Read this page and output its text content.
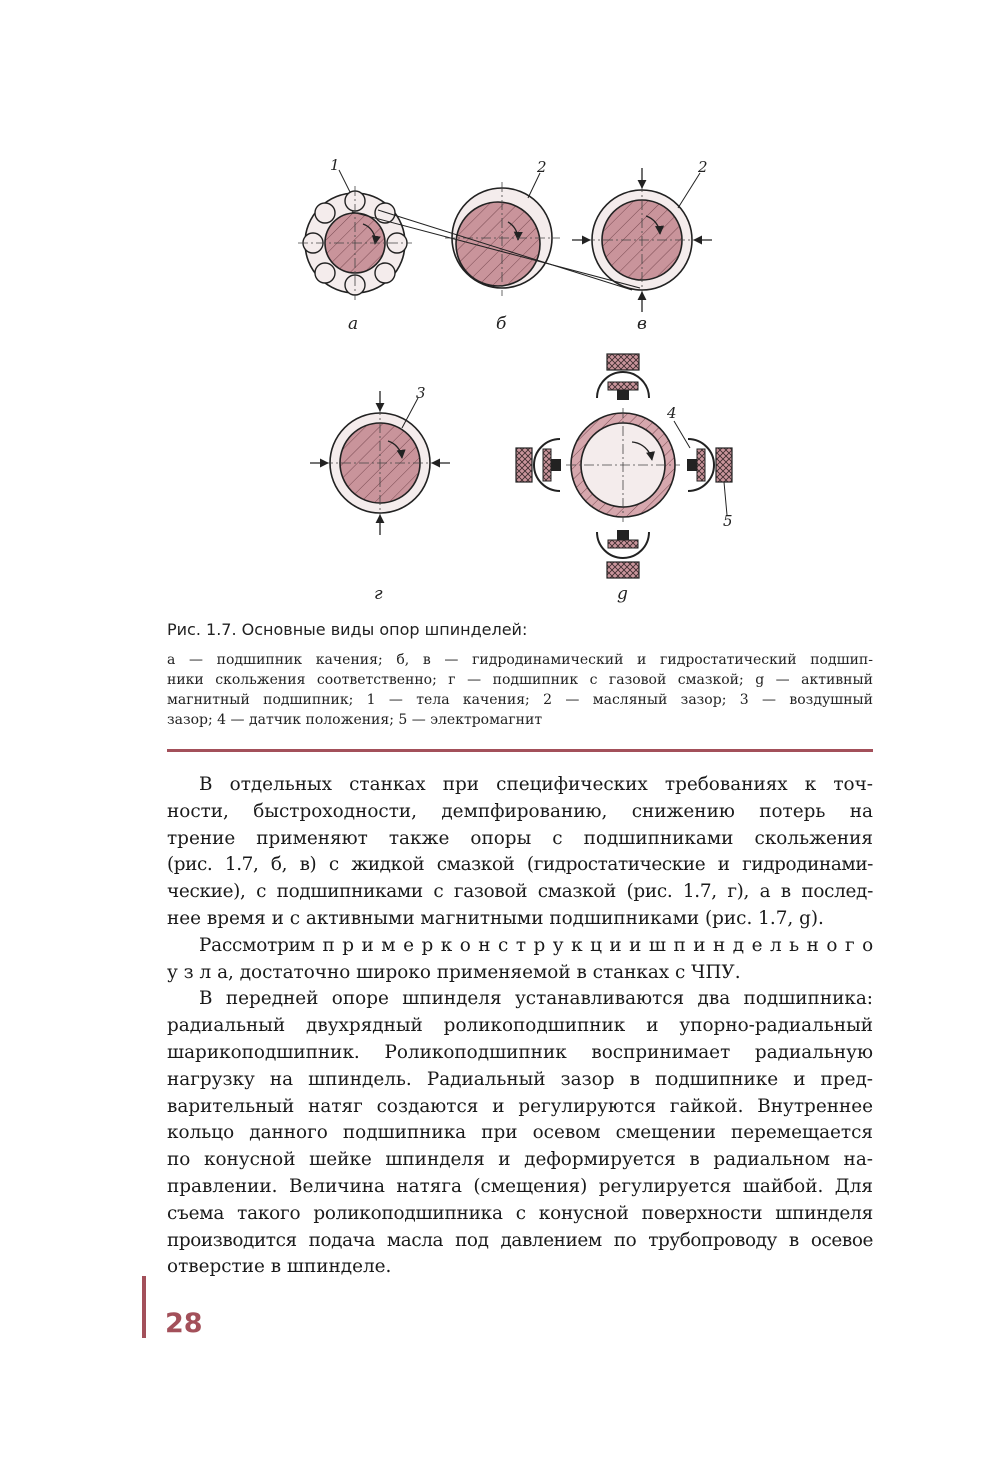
1	2	2
3
4
5
а	б	в
г	g
Рис. 1.7. Основные виды опор шпинделей:
а — подшипник качения; б, в — гидродинамический и гидростатический подшип-
ники скольжения соответственно; г — подшипник с газовой смазкой; g — активный
магнитный подшипник; 1 — тела качения; 2 — масляный зазор; 3 — воздушный
зазор; 4 — датчик положения; 5 — электромагнит
В отдельных станках при специфических требованиях к точ-
ности, быстроходности, демпфированию, снижению потерь на
трение применяют также опоры с подшипниками скольжения
(рис. 1.7, б, в) с жидкой смазкой (гидростатические и гидродинами-
ческие), с подшипниками с газовой смазкой (рис. 1.7, г), а в послед-
нее время и с активными магнитными подшипниками (рис. 1.7, g).
Рассмотрим п р и м е р к о н с т р у к ц и и ш п и н д е л ь н о г о
у з л а, достаточно широко применяемой в станках с ЧПУ.
В передней опоре шпинделя устанавливаются два подшипника:
радиальный двухрядный роликоподшипник и упорно-радиальный
шарикоподшипник. Роликоподшипник воспринимает радиальную
нагрузку на шпиндель. Радиальный зазор в подшипнике и пред-
варительный натяг создаются и регулируются гайкой. Внутреннее
кольцо данного подшипника при осевом смещении перемещается
по конусной шейке шпинделя и деформируется в радиальном на-
правлении. Величина натяга (смещения) регулируется шайбой. Для
съема такого роликоподшипника с конусной поверхности шпинделя
производится подача масла под давлением по трубопроводу в осевое
отверстие в шпинделе.
28
